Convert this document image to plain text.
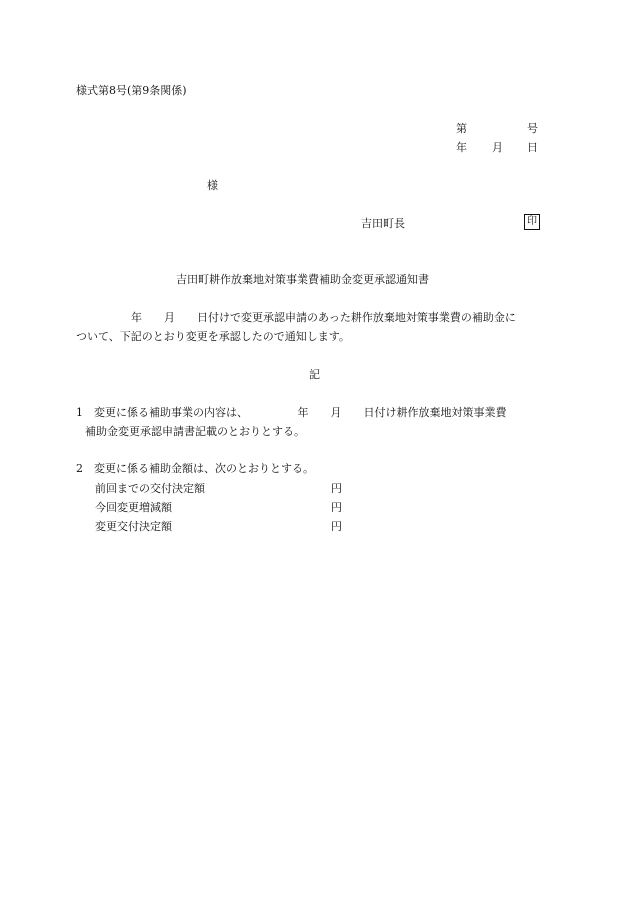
様式第8号(第9条関係)
第	号
年 月 日
様
吉田町長	印
吉田町耕作放棄地対策事業費補助金変更承認通知書
　　　　　年　　月　　日付けで変更承認申請のあった耕作放棄地対策事業費の補助金に
ついて、下記のとおり変更を承認したので通知します。
記
1　変更に係る補助事業の内容は、　　　　　年　　月　　日付け耕作放棄地対策事業費
補助金変更承認申請書記載のとおりとする。
2　変更に係る補助金額は、次のとおりとする。
前回までの交付決定額	円
今回変更増減額	円
変更交付決定額	円
